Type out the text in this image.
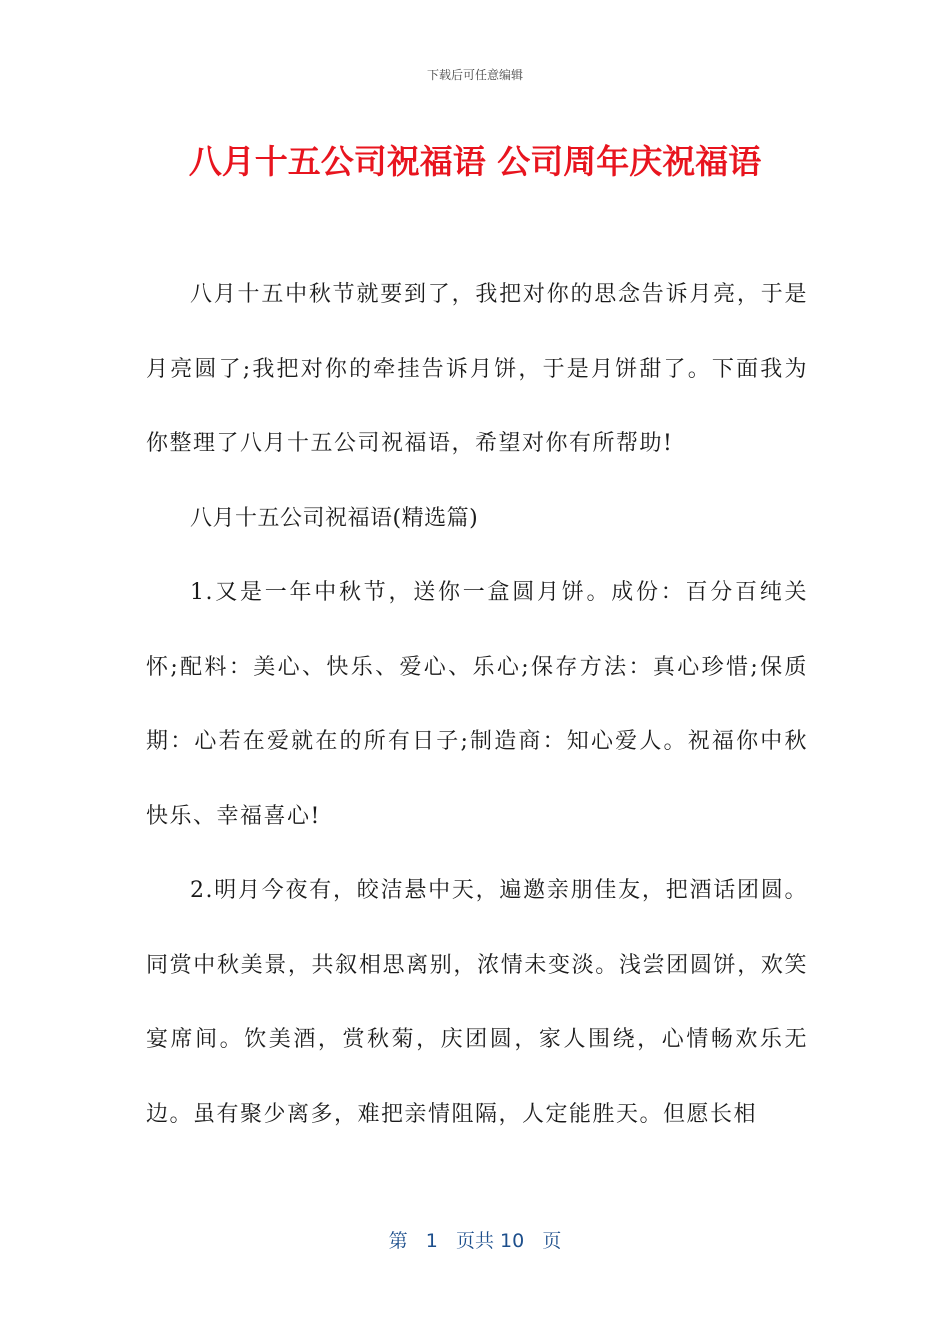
下载后可任意编辑
八月十五公司祝福语 公司周年庆祝福语

八月十五中秋节就要到了，我把对你的思念告诉月亮，于是月亮圆了;我把对你的牵挂告诉月饼，于是月饼甜了。下面我为你整理了八月十五公司祝福语，希望对你有所帮助!

八月十五公司祝福语(精选篇)

1.又是一年中秋节，送你一盒圆月饼。成份：百分百纯关怀;配料：美心、快乐、爱心、乐心;保存方法：真心珍惜;保质期：心若在爱就在的所有日子;制造商：知心爱人。祝福你中秋快乐、幸福喜心!

2.明月今夜有，皎洁悬中天，遍邀亲朋佳友，把酒话团圆。同赏中秋美景，共叙相思离别，浓情未变淡。浅尝团圆饼，欢笑宴席间。饮美酒，赏秋菊，庆团圆，家人围绕，心情畅欢乐无边。虽有聚少离多，难把亲情阻隔，人定能胜天。但愿长相

第 1 页共 10 页
